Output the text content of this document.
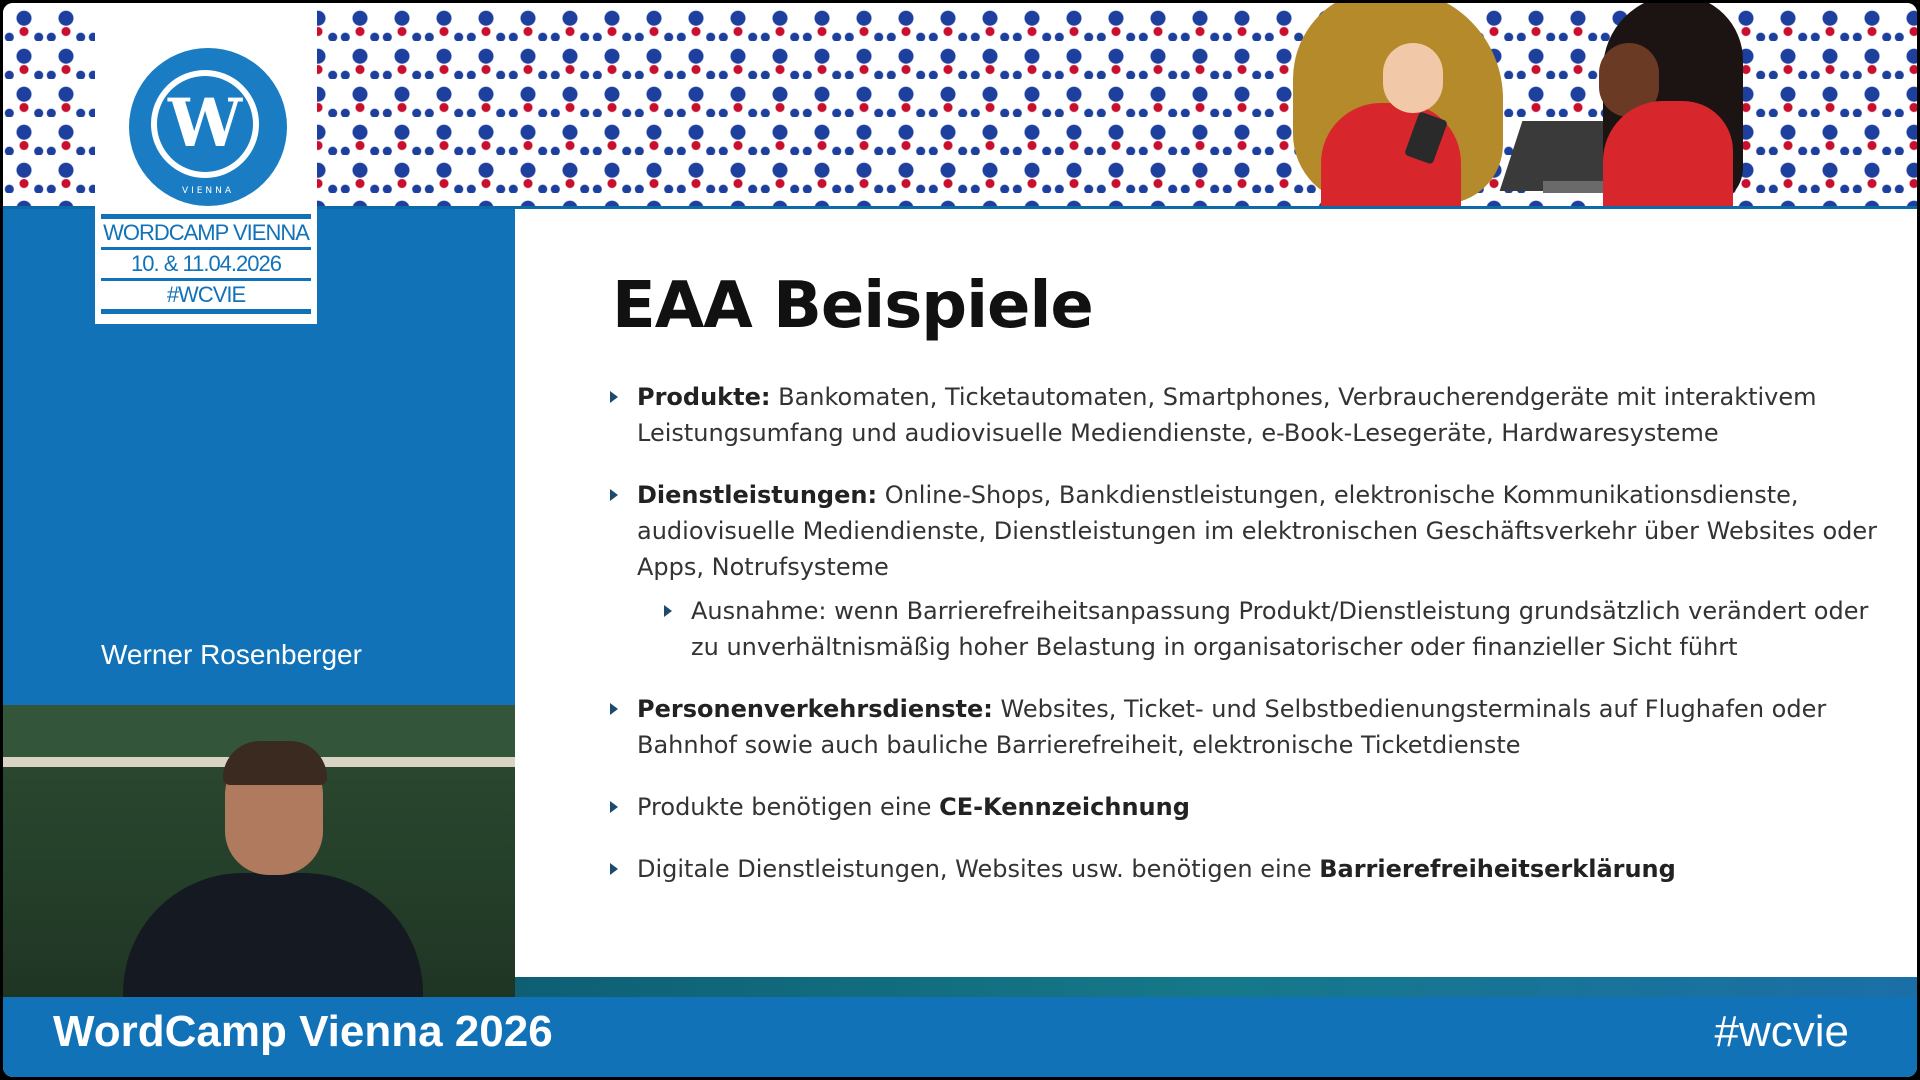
Werner Rosenberger
W
VIENNA
WORDCAMP VIENNA
10. & 11.04.2026
#WCVIE	EAA Beispiele
Produkte: Bankomaten, Ticketautomaten, Smartphones, Verbraucherendgeräte mit interaktivem Leistungsumfang und audiovisuelle Mediendienste, e-Book-Lesegeräte, Hardwaresysteme
Dienstleistungen: Online-Shops, Bankdienstleistungen, elektronische Kommunikationsdienste, audiovisuelle Mediendienste, Dienstleistungen im elektronischen Geschäftsverkehr über Websites oder Apps, Notrufsysteme
Ausnahme: wenn Barrierefreiheitsanpassung Produkt/Dienstleistung grundsätzlich verändert oder zu unverhältnismäßig hoher Belastung in organisatorischer oder finanzieller Sicht führt
Personenverkehrsdienste: Websites, Ticket- und Selbstbedienungsterminals auf Flughafen oder Bahnhof sowie auch bauliche Barrierefreiheit, elektronische Ticketdienste
Produkte benötigen eine CE-Kennzeichnung
Digitale Dienstleistungen, Websites usw. benötigen eine Barrierefreiheitserklärung
WordCamp Vienna 2026	#wcvie
